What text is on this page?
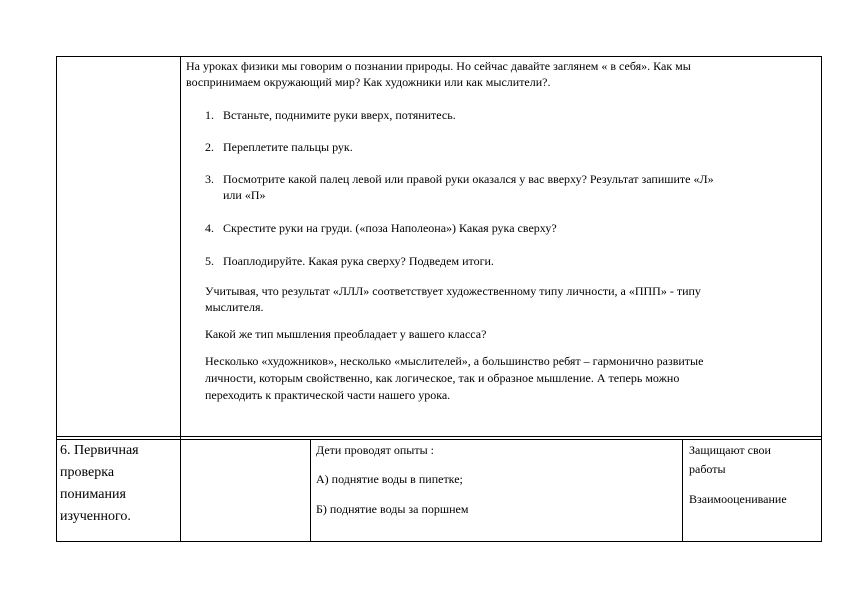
На уроках физики мы говорим о познании природы. Но сейчас давайте заглянем « в себя». Как мы
воспринимаем окружающий мир? Как художники или как мыслители?.
1. Встаньте, поднимите руки вверх, потянитесь.
2. Переплетите пальцы рук.
3. Посмотрите какой палец левой или правой руки оказался у вас вверху? Результат запишите «Л»
или «П»
4. Скрестите руки на груди. («поза Наполеона») Какая рука сверху?
5. Поаплодируйте. Какая рука сверху? Подведем итоги.
Учитывая, что результат «ЛЛЛ» соответствует художественному типу личности, а «ППП» - типу
мыслителя.
Какой же тип мышления преобладает у вашего класса?
Несколько «художников», несколько «мыслителей», а большинство ребят – гармонично развитые
личности, которым свойственно, как логическое, так и образное мышление. А теперь можно
переходить к практической части нашего урока.
6. Первичная
проверка
понимания
изученного.
Дети проводят опыты :
А) поднятие воды в пипетке;
Б) поднятие воды за поршнем
Защищают свои
работы
Взаимооценивание
